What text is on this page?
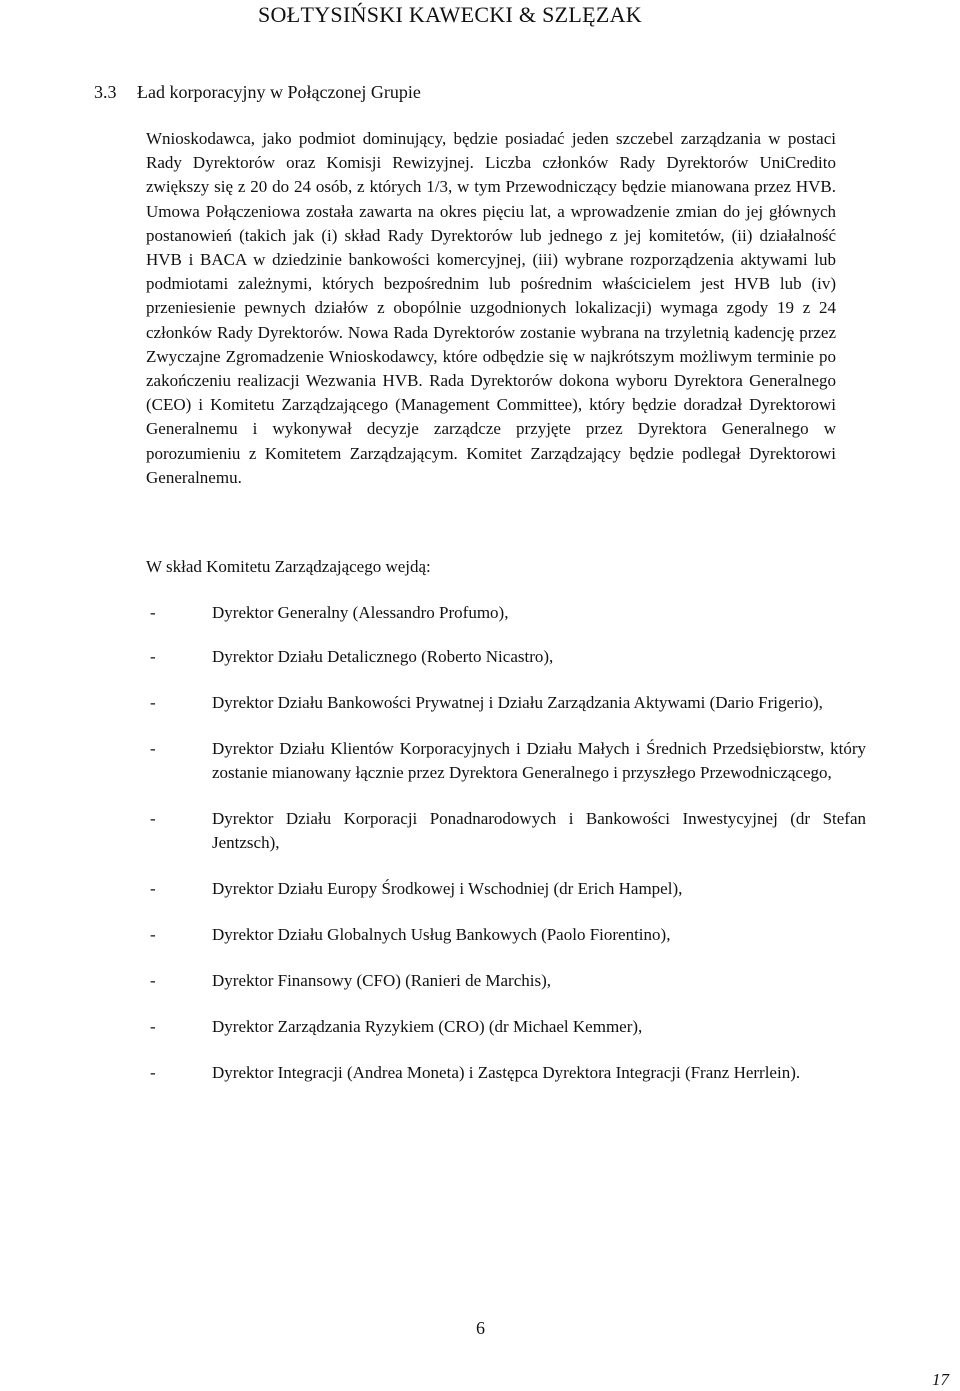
SOŁTYSIŃSKI KAWECKI & SZLĘZAK
3.3 Ład korporacyjny w Połączonej Grupie
Wnioskodawca, jako podmiot dominujący, będzie posiadać jeden szczebel zarządzania w postaci Rady Dyrektorów oraz Komisji Rewizyjnej. Liczba członków Rady Dyrektorów UniCredito zwiększy się z 20 do 24 osób, z których 1/3, w tym Przewodniczący będzie mianowana przez HVB. Umowa Połączeniowa została zawarta na okres pięciu lat, a wprowadzenie zmian do jej głównych postanowień (takich jak (i) skład Rady Dyrektorów lub jednego z jej komitetów, (ii) działalność HVB i BACA w dziedzinie bankowości komercyjnej, (iii) wybrane rozporządzenia aktywami lub podmiotami zależnymi, których bezpośrednim lub pośrednim właścicielem jest HVB lub (iv) przeniesienie pewnych działów z obopólnie uzgodnionych lokalizacji) wymaga zgody 19 z 24 członków Rady Dyrektorów. Nowa Rada Dyrektorów zostanie wybrana na trzyletnią kadencję przez Zwyczajne Zgromadzenie Wnioskodawcy, które odbędzie się w najkrótszym możliwym terminie po zakończeniu realizacji Wezwania HVB. Rada Dyrektorów dokona wyboru Dyrektora Generalnego (CEO) i Komitetu Zarządzającego (Management Committee), który będzie doradzał Dyrektorowi Generalnemu i wykonywał decyzje zarządcze przyjęte przez Dyrektora Generalnego w porozumieniu z Komitetem Zarządzającym. Komitet Zarządzający będzie podlegał Dyrektorowi Generalnemu.
W skład Komitetu Zarządzającego wejdą:
-	Dyrektor Generalny (Alessandro Profumo),
-	Dyrektor Działu Detalicznego (Roberto Nicastro),
-	Dyrektor Działu Bankowości Prywatnej i Działu Zarządzania Aktywami (Dario Frigerio),
-	Dyrektor Działu Klientów Korporacyjnych i Działu Małych i Średnich Przedsiębiorstw, który zostanie mianowany łącznie przez Dyrektora Generalnego i przyszłego Przewodniczącego,
-	Dyrektor Działu Korporacji Ponadnarodowych i Bankowości Inwestycyjnej (dr Stefan Jentzsch),
-	Dyrektor Działu Europy Środkowej i Wschodniej (dr Erich Hampel),
-	Dyrektor Działu Globalnych Usług Bankowych (Paolo Fiorentino),
-	Dyrektor Finansowy (CFO) (Ranieri de Marchis),
-	Dyrektor Zarządzania Ryzykiem (CRO) (dr Michael Kemmer),
-	Dyrektor Integracji (Andrea Moneta) i Zastępca Dyrektora Integracji (Franz Herrlein).
6
17
